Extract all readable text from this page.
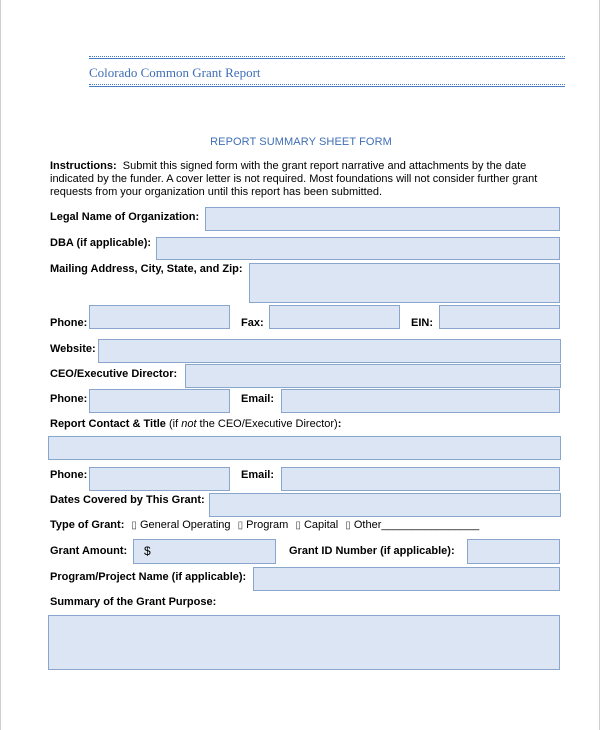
Colorado Common Grant Report
REPORT SUMMARY SHEET FORM
Instructions: Submit this signed form with the grant report narrative and attachments by the date indicated by the funder. A cover letter is not required. Most foundations will not consider further grant requests from your organization until this report has been submitted.
Legal Name of Organization:
DBA (if applicable):
Mailing Address, City, State, and Zip:
Phone:	Fax:	EIN:
Website:
CEO/Executive Director:
Phone:	Email:
Report Contact & Title (if not the CEO/Executive Director):
Phone:	Email:
Dates Covered by This Grant:
Type of Grant: ▯ General Operating ▯ Program ▯ Capital ▯ Other________________
Grant Amount:	$	Grant ID Number (if applicable):
Program/Project Name (if applicable):
Summary of the Grant Purpose:
